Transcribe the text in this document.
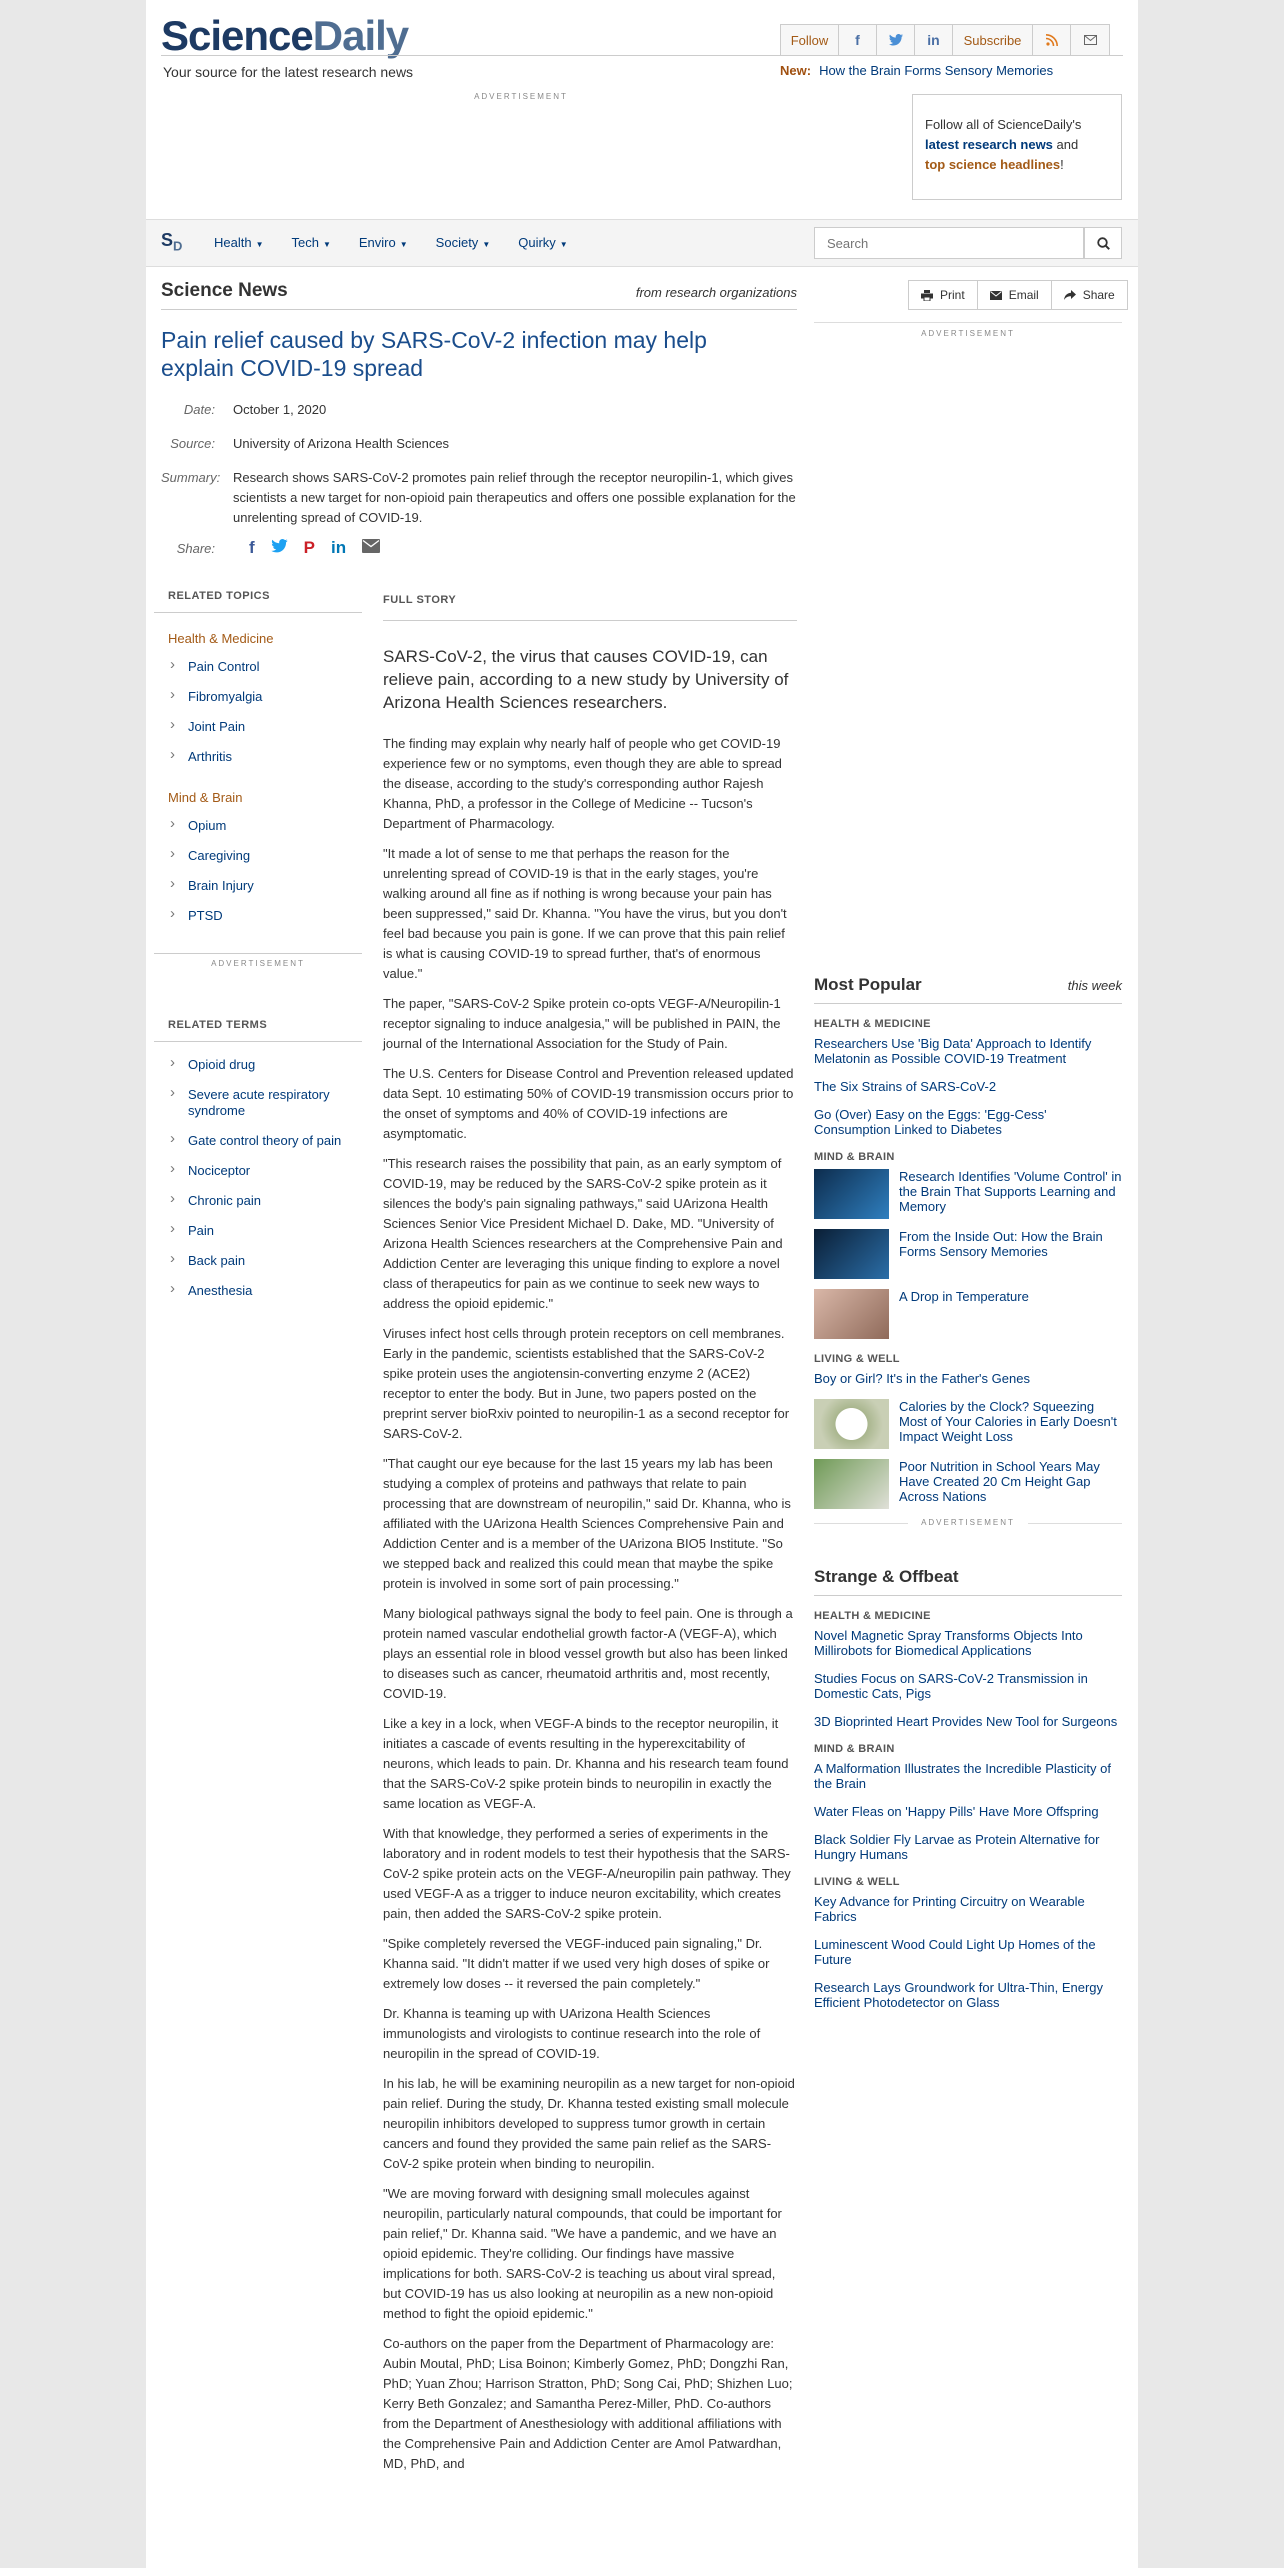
ScienceDaily
Your source for the latest research news
Follow	f	in	Subscribe
New: How the Brain Forms Sensory Memories
ADVERTISEMENT
Follow all of ScienceDaily's
latest research news and
top science headlines!
$S_D$ Health ▼ Tech ▼ Enviro ▼ Society ▼ Quirky ▼
Search
Science News	from research organizations
Pain relief caused by SARS-CoV-2 infection may help explain COVID-19 spread
Date:	October 1, 2020
Source:	University of Arizona Health Sciences
Summary: Research shows SARS-CoV-2 promotes pain relief through the receptor neuropilin-1, which gives scientists a new target for non-opioid pain therapeutics and offers one possible explanation for the unrelenting spread of COVID-19.
Share:	f	P in
RELATED TOPICS
Health & Medicine
› Pain Control
› Fibromyalgia
› Joint Pain
› Arthritis
Mind & Brain
› Opium
› Caregiving
› Brain Injury
› PTSD
ADVERTISEMENT
RELATED TERMS
› Opioid drug
› Severe acute respiratory syndrome
› Gate control theory of pain
› Nociceptor
› Chronic pain
› Pain
› Back pain
› Anesthesia
FULL STORY
SARS-CoV-2, the virus that causes COVID-19, can relieve pain, according to a new study by University of Arizona Health Sciences researchers.

The finding may explain why nearly half of people who get COVID-19 experience few or no symptoms, even though they are able to spread the disease, according to the study's corresponding author Rajesh Khanna, PhD, a professor in the College of Medicine -- Tucson's Department of Pharmacology.

"It made a lot of sense to me that perhaps the reason for the unrelenting spread of COVID-19 is that in the early stages, you're walking around all fine as if nothing is wrong because your pain has been suppressed," said Dr. Khanna. "You have the virus, but you don't feel bad because you pain is gone. If we can prove that this pain relief is what is causing COVID-19 to spread further, that's of enormous value."

The paper, "SARS-CoV-2 Spike protein co-opts VEGF-A/Neuropilin-1 receptor signaling to induce analgesia," will be published in PAIN, the journal of the International Association for the Study of Pain.

The U.S. Centers for Disease Control and Prevention released updated data Sept. 10 estimating 50% of COVID-19 transmission occurs prior to the onset of symptoms and 40% of COVID-19 infections are asymptomatic.

"This research raises the possibility that pain, as an early symptom of COVID-19, may be reduced by the SARS-CoV-2 spike protein as it silences the body's pain signaling pathways," said UArizona Health Sciences Senior Vice President Michael D. Dake, MD. "University of Arizona Health Sciences researchers at the Comprehensive Pain and Addiction Center are leveraging this unique finding to explore a novel class of therapeutics for pain as we continue to seek new ways to address the opioid epidemic."

Viruses infect host cells through protein receptors on cell membranes. Early in the pandemic, scientists established that the SARS-CoV-2 spike protein uses the angiotensin-converting enzyme 2 (ACE2) receptor to enter the body. But in June, two papers posted on the preprint server bioRxiv pointed to neuropilin-1 as a second receptor for SARS-CoV-2.

"That caught our eye because for the last 15 years my lab has been studying a complex of proteins and pathways that relate to pain processing that are downstream of neuropilin," said Dr. Khanna, who is affiliated with the UArizona Health Sciences Comprehensive Pain and Addiction Center and is a member of the UArizona BIO5 Institute. "So we stepped back and realized this could mean that maybe the spike protein is involved in some sort of pain processing."

Many biological pathways signal the body to feel pain. One is through a protein named vascular endothelial growth factor-A (VEGF-A), which plays an essential role in blood vessel growth but also has been linked to diseases such as cancer, rheumatoid arthritis and, most recently, COVID-19.

Like a key in a lock, when VEGF-A binds to the receptor neuropilin, it initiates a cascade of events resulting in the hyperexcitability of neurons, which leads to pain. Dr. Khanna and his research team found that the SARS-CoV-2 spike protein binds to neuropilin in exactly the same location as VEGF-A.

With that knowledge, they performed a series of experiments in the laboratory and in rodent models to test their hypothesis that the SARS-CoV-2 spike protein acts on the VEGF-A/neuropilin pain pathway. They used VEGF-A as a trigger to induce neuron excitability, which creates pain, then added the SARS-CoV-2 spike protein.

"Spike completely reversed the VEGF-induced pain signaling," Dr. Khanna said. "It didn't matter if we used very high doses of spike or extremely low doses -- it reversed the pain completely."

Dr. Khanna is teaming up with UArizona Health Sciences immunologists and virologists to continue research into the role of neuropilin in the spread of COVID-19.

In his lab, he will be examining neuropilin as a new target for non-opioid pain relief. During the study, Dr. Khanna tested existing small molecule neuropilin inhibitors developed to suppress tumor growth in certain cancers and found they provided the same pain relief as the SARS-CoV-2 spike protein when binding to neuropilin.

"We are moving forward with designing small molecules against neuropilin, particularly natural compounds, that could be important for pain relief," Dr. Khanna said. "We have a pandemic, and we have an opioid epidemic. They're colliding. Our findings have massive implications for both. SARS-CoV-2 is teaching us about viral spread, but COVID-19 has us also looking at neuropilin as a new non-opioid method to fight the opioid epidemic."

Co-authors on the paper from the Department of Pharmacology are: Aubin Moutal, PhD; Lisa Boinon; Kimberly Gomez, PhD; Dongzhi Ran, PhD; Yuan Zhou; Harrison Stratton, PhD; Song Cai, PhD; Shizhen Luo; Kerry Beth Gonzalez; and Samantha Perez-Miller, PhD. Co-authors from the Department of Anesthesiology with additional affiliations with the Comprehensive Pain and Addiction Center are Amol Patwardhan, MD, PhD, and

Print	Email	Share
ADVERTISEMENT
Most Popular	this week
HEALTH & MEDICINE
Researchers Use 'Big Data' Approach to Identify Melatonin as Possible COVID-19 Treatment
The Six Strains of SARS-CoV-2
Go (Over) Easy on the Eggs: 'Egg-Cess' Consumption Linked to Diabetes
MIND & BRAIN
Research Identifies 'Volume Control' in the Brain That Supports Learning and Memory
From the Inside Out: How the Brain Forms Sensory Memories
A Drop in Temperature
LIVING & WELL
Boy or Girl? It's in the Father's Genes
Calories by the Clock? Squeezing Most of Your Calories in Early Doesn't Impact Weight Loss
Poor Nutrition in School Years May Have Created 20 Cm Height Gap Across Nations
ADVERTISEMENT
Strange & Offbeat
HEALTH & MEDICINE
Novel Magnetic Spray Transforms Objects Into Millirobots for Biomedical Applications
Studies Focus on SARS-CoV-2 Transmission in Domestic Cats, Pigs
3D Bioprinted Heart Provides New Tool for Surgeons
MIND & BRAIN
A Malformation Illustrates the Incredible Plasticity of the Brain
Water Fleas on 'Happy Pills' Have More Offspring
Black Soldier Fly Larvae as Protein Alternative for Hungry Humans
LIVING & WELL
Key Advance for Printing Circuitry on Wearable Fabrics
Luminescent Wood Could Light Up Homes of the Future
Research Lays Groundwork for Ultra-Thin, Energy Efficient Photodetector on Glass
